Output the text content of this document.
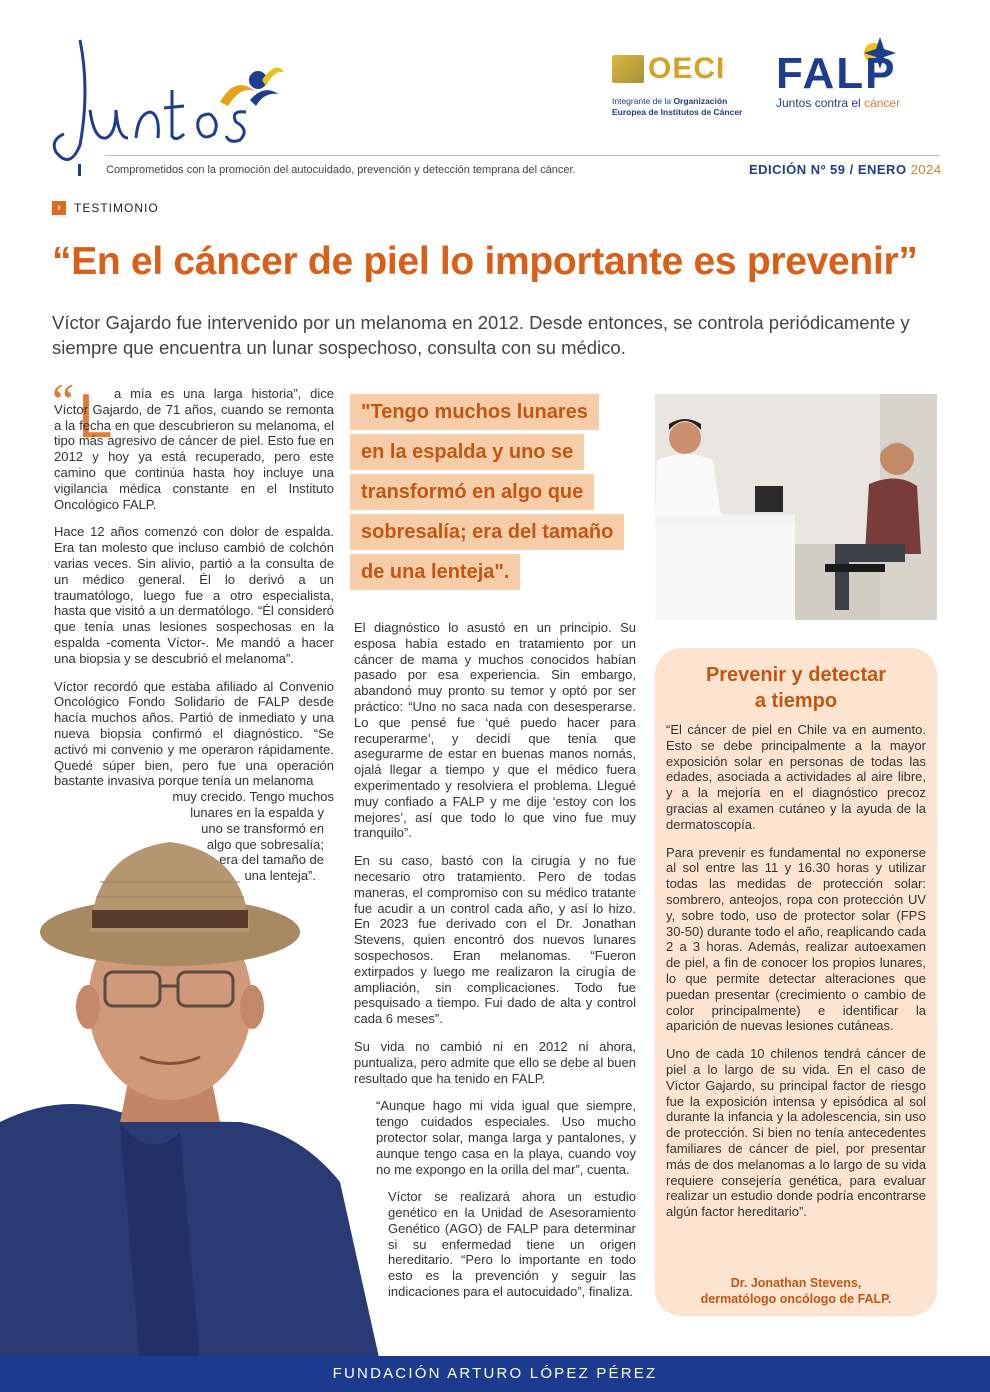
OECI
Integrante de la Organización
Europea de Institutos de Cáncer
FALP
Juntos contra el cáncer
Comprometidos con la promoción del autocuidado, prevención y detección temprana del cáncer.	EDICIÓN Nº 59 / ENERO 2024
›	TESTIMONIO
“En el cáncer de piel lo importante es prevenir”
Víctor Gajardo fue intervenido por un melanoma en 2012. Desde entonces, se controla periódicamente y siempre que encuentra un lunar sospechoso, consulta con su médico.
“ L a mía es una larga historia”, dice Víctor Gajardo, de 71 años, cuando se remonta a la fecha en que descubrieron su melanoma, el tipo más agresivo de cáncer de piel. Esto fue en 2012 y hoy ya está recuperado, pero este camino que continúa hasta hoy incluye una vigilancia médica constante en el Instituto Oncológico FALP.

Hace 12 años comenzó con dolor de espalda. Era tan molesto que incluso cambió de colchón varias veces. Sin alivio, partió a la consulta de un médico general. Él lo derivó a un traumatólogo, luego fue a otro especialista, hasta que visitó a un dermatólogo. “Él consideró que tenía unas lesiones sospechosas en la espalda -comenta Víctor-. Me mandó a hacer una biopsia y se descubrió el melanoma”.

Víctor recordó que estaba afiliado al Convenio Oncológico Fondo Solidario de FALP desde hacía muchos años. Partió de inmediato y una nueva biopsia confirmó el diagnóstico. “Se activó mi convenio y me operaron rápidamente. Quedé súper bien, pero fue una operación bastante invasiva porque tenía un melanoma

muy crecido. Tengo muchos
lunares en la espalda y
uno se transformó en
algo que sobresalía;
era del tamaño de
una lenteja”.
"Tengo muchos lunares
en la espalda y uno se
transformó en algo que
sobresalía; era del tamaño
de una lenteja".

El diagnóstico lo asustó en un principio. Su esposa había estado en tratamiento por un cáncer de mama y muchos conocidos habían pasado por esa experiencia. Sin embargo, abandonó muy pronto su temor y optó por ser práctico: “Uno no saca nada con desesperarse. Lo que pensé fue ‘qué puedo hacer para recuperarme’, y decidí que tenía que asegurarme de estar en buenas manos nomás, ojalá llegar a tiempo y que el médico fuera experimentado y resolviera el problema. Llegué muy confiado a FALP y me dije ‘estoy con los mejores’, así que todo lo que vino fue muy tranquilo”.

En su caso, bastó con la cirugía y no fue necesario otro tratamiento. Pero de todas maneras, el compromiso con su médico tratante fue acudir a un control cada año, y así lo hizo. En 2023 fue derivado con el Dr. Jonathan Stevens, quien encontró dos nuevos lunares sospechosos. Eran melanomas. “Fueron extirpados y luego me realizaron la cirugía de ampliación, sin complicaciones. Todo fue pesquisado a tiempo. Fui dado de alta y control cada 6 meses”.

Su vida no cambió ni en 2012 ni ahora, puntualiza, pero admite que ello se debe al buen resultado que ha tenido en FALP.

“Aunque hago mi vida igual que siempre, tengo cuidados especiales. Uso mucho protector solar, manga larga y pantalones, y aunque tengo casa en la playa, cuando voy no me expongo en la orilla del mar”, cuenta.

Víctor se realizará ahora un estudio genético en la Unidad de Asesoramiento Genético (AGO) de FALP para determinar si su enfermedad tiene un origen hereditario. “Pero lo importante en todo esto es la prevención y seguir las indicaciones para el autocuidado”, finaliza.

Prevenir y detectar
a tiempo

“El cáncer de piel en Chile va en aumento. Esto se debe principalmente a la mayor exposición solar en personas de todas las edades, asociada a actividades al aire libre, y a la mejoría en el diagnóstico precoz gracias al examen cutáneo y la ayuda de la dermatoscopía.

Para prevenir es fundamental no exponerse al sol entre las 11 y 16.30 horas y utilizar todas las medidas de protección solar: sombrero, anteojos, ropa con protección UV y, sobre todo, uso de protector solar (FPS 30-50) durante todo el año, reaplicando cada 2 a 3 horas. Además, realizar autoexamen de piel, a fin de conocer los propios lunares, lo que permite detectar alteraciones que puedan presentar (crecimiento o cambio de color principalmente) e identificar la aparición de nuevas lesiones cutáneas.

Uno de cada 10 chilenos tendrá cáncer de piel a lo largo de su vida. En el caso de Víctor Gajardo, su principal factor de riesgo fue la exposición intensa y episódica al sol durante la infancia y la adolescencia, sin uso de protección. Si bien no tenía antecedentes familiares de cáncer de piel, por presentar más de dos melanomas a lo largo de su vida requiere consejería genética, para evaluar realizar un estudio donde podría encontrarse algún factor hereditario”.

Dr. Jonathan Stevens,
dermatólogo oncólogo de FALP.
FUNDACIÓN ARTURO LÓPEZ PÉREZ
